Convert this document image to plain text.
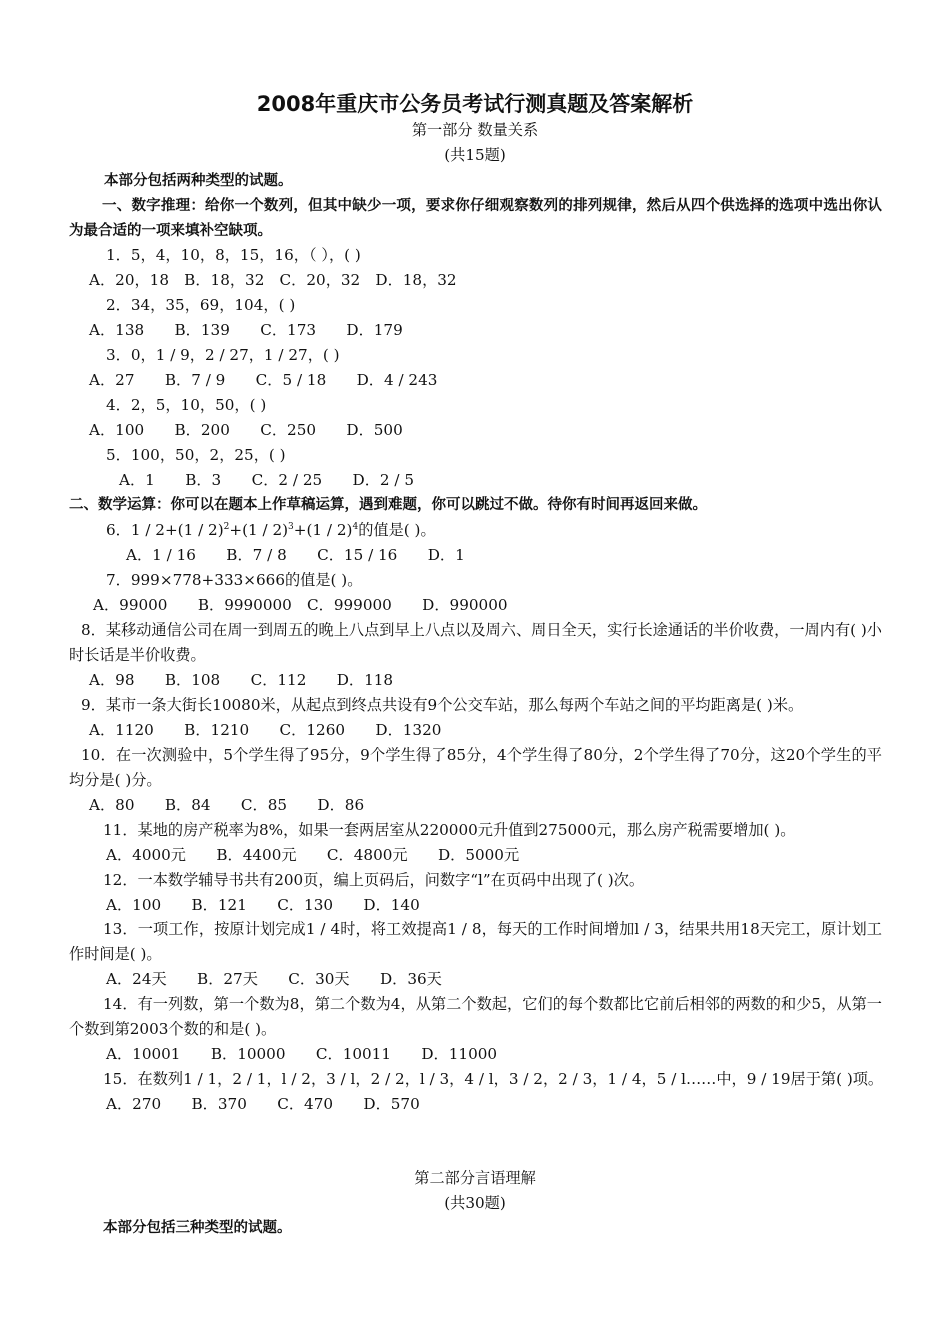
2008年重庆市公务员考试行测真题及答案解析
第一部分 数量关系
(共15题)
本部分包括两种类型的试题。
一、数字推理：给你一个数列，但其中缺少一项，要求你仔细观察数列的排列规律，然后从四个供选择的选项中选出你认为最合适的一项来填补空缺项。
1．5，4，10，8，15，16，（ ），( )
A．20，18　B．18，32　C．20，32　D．18，32
2．34，35，69，104，( )
A．138　　B．139　　C．173　　D．179
3．0，1 / 9，2 / 27，1 / 27，( )
A．27　　B．7 / 9　　C．5 / 18　　D．4 / 243
4．2，5，10，50，( )
A．100　　B．200　　C．250　　D．500
5．100，50，2，25，( )
A．1　　B．3　　C．2 / 25　　D．2 / 5
二、数学运算：你可以在题本上作草稿运算，遇到难题，你可以跳过不做。待你有时间再返回来做。
6．1 / 2+(1 / 2)$^2$+(1 / 2)$^3$+(1 / 2)$^4$的值是( )。
A．1 / 16　　B．7 / 8　　C．15 / 16　　D．1
7．999×778+333×666的值是( )。
A．99000　　B．9990000　C．999000　　D．990000
8．某移动通信公司在周一到周五的晚上八点到早上八点以及周六、周日全天，实行长途通话的半价收费，一周内有( )小时长话是半价收费。
A．98　　B．108　　C．112　　D．118
9．某市一条大街长10080米，从起点到终点共设有9个公交车站，那么每两个车站之间的平均距离是( )米。
A．1120　　B．1210　　C．1260　　D．1320
10．在一次测验中，5个学生得了95分，9个学生得了85分，4个学生得了80分，2个学生得了70分，这20个学生的平均分是( )分。
A．80　　B．84　　C．85　　D．86
11．某地的房产税率为8%，如果一套两居室从220000元升值到275000元，那么房产税需要增加( )。
A．4000元　　B．4400元　　C．4800元　　D．5000元
12．一本数学辅导书共有200页，编上页码后，问数字“l”在页码中出现了( )次。
A．100　　B．121　　C．130　　D．140
13．一项工作，按原计划完成1 / 4时，将工效提高1 / 8，每天的工作时间增加l / 3，结果共用18天完工，原计划工作时间是( )。
A．24天　　B．27天　　C．30天　　D．36天
14．有一列数，第一个数为8，第二个数为4，从第二个数起，它们的每个数都比它前后相邻的两数的和少5，从第一个数到第2003个数的和是( )。
A．10001　　B．10000　　C．10011　　D．11000
15．在数列1 / 1，2 / 1，l / 2，3 / l，2 / 2，l / 3，4 / l，3 / 2，2 / 3，1 / 4，5 / l……中，9 / 19居于第( )项。
A．270　　B．370　　C．470　　D．570
第二部分言语理解
(共30题)
本部分包括三种类型的试题。
